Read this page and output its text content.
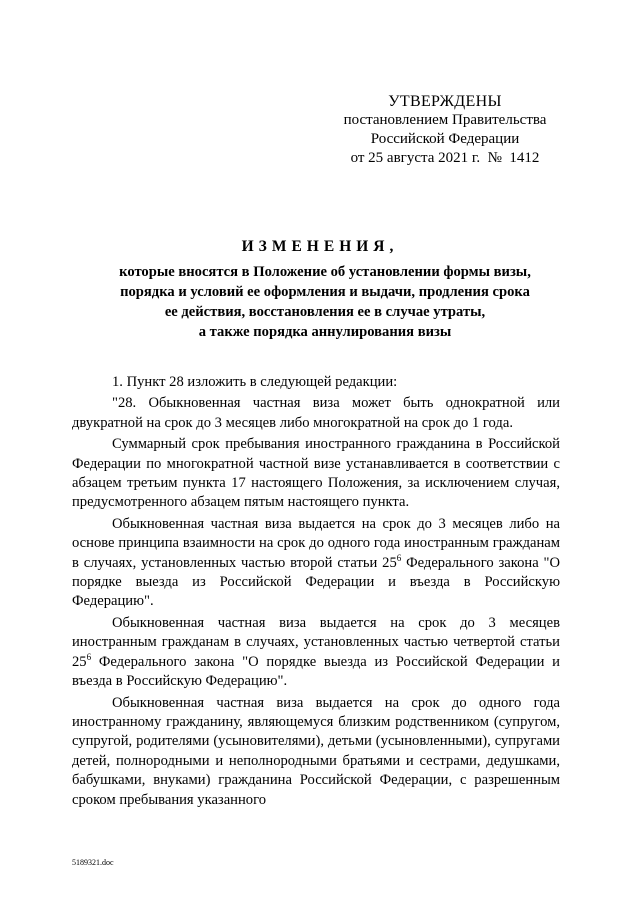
УТВЕРЖДЕНЫ
постановлением Правительства
Российской Федерации
от 25 августа 2021 г.  №  1412
ИЗМЕНЕНИЯ,
которые вносятся в Положение об установлении формы визы,
порядка и условий ее оформления и выдачи, продления срока
ее действия, восстановления ее в случае утраты,
а также порядка аннулирования визы

1. Пункт 28 изложить в следующей редакции:

"28. Обыкновенная частная виза может быть однократной или двукратной на срок до 3 месяцев либо многократной на срок до 1 года.

Суммарный срок пребывания иностранного гражданина в Российской Федерации по многократной частной визе устанавливается в соответствии с абзацем третьим пункта 17 настоящего Положения, за исключением случая, предусмотренного абзацем пятым настоящего пункта.

Обыкновенная частная виза выдается на срок до 3 месяцев либо на основе принципа взаимности на срок до одного года иностранным гражданам в случаях, установленных частью второй статьи $25^6$ Федерального закона "О порядке выезда из Российской Федерации и въезда в Российскую Федерацию".

Обыкновенная частная виза выдается на срок до 3 месяцев иностранным гражданам в случаях, установленных частью четвертой статьи $25^6$ Федерального закона "О порядке выезда из Российской Федерации и въезда в Российскую Федерацию".

Обыкновенная частная виза выдается на срок до одного года иностранному гражданину, являющемуся близким родственником (супругом, супругой, родителями (усыновителями), детьми (усыновленными), супругами детей, полнородными и неполнородными братьями и сестрами, дедушками, бабушками, внуками) гражданина Российской Федерации, с разрешенным сроком пребывания указанного

5189321.doc
